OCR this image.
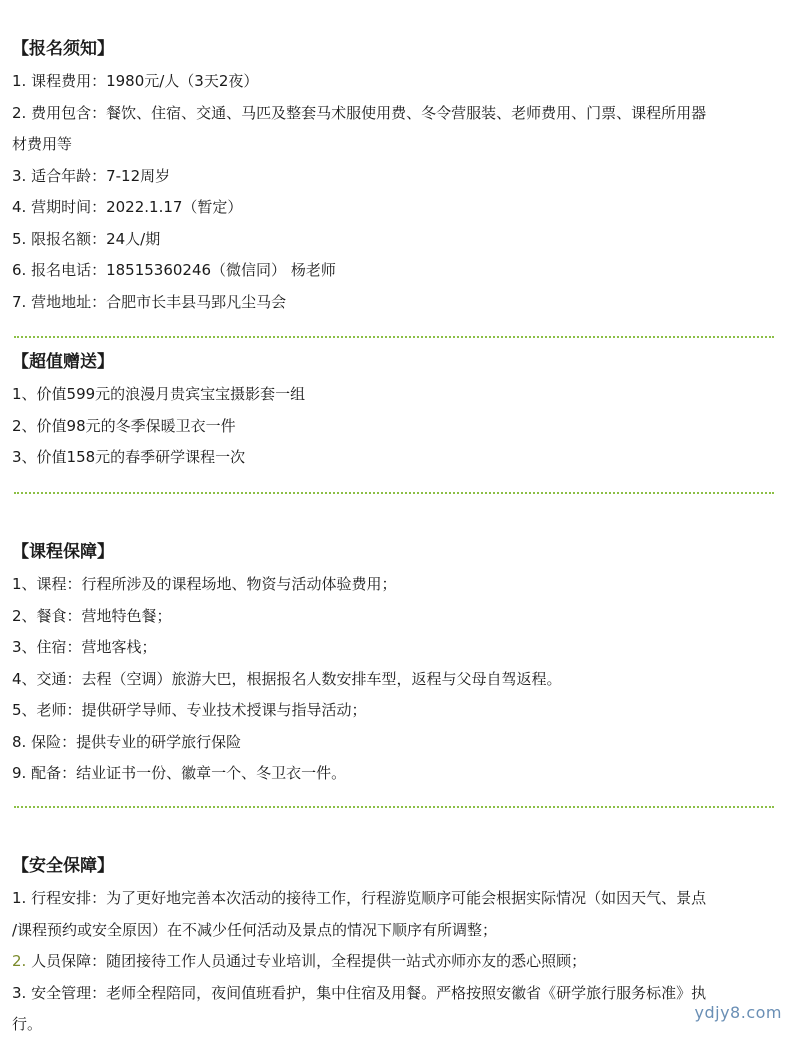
【报名须知】

1. 课程费用：1980元/人（3天2夜）

2. 费用包含：餐饮、住宿、交通、马匹及整套马术服使用费、冬令营服装、老师费用、门票、课程所用器

材费用等

3. 适合年龄：7-12周岁

4. 营期时间：2022.1.17（暂定）

5. 限报名额：24人/期

6. 报名电话：18515360246（微信同） 杨老师

7. 营地地址：合肥市长丰县马郢凡尘马会

【超值赠送】

1、价值599元的浪漫月贵宾宝宝摄影套一组

2、价值98元的冬季保暖卫衣一件

3、价值158元的春季研学课程一次

【课程保障】

1、课程：行程所涉及的课程场地、物资与活动体验费用；

2、餐食：营地特色餐；

3、住宿：营地客栈；

4、交通：去程（空调）旅游大巴，根据报名人数安排车型，返程与父母自驾返程。

5、老师：提供研学导师、专业技术授课与指导活动；

8. 保险：提供专业的研学旅行保险

9. 配备：结业证书一份、徽章一个、冬卫衣一件。

【安全保障】

1. 行程安排：为了更好地完善本次活动的接待工作，行程游览顺序可能会根据实际情况（如因天气、景点

/课程预约或安全原因）在不减少任何活动及景点的情况下顺序有所调整；

2. 人员保障：随团接待工作人员通过专业培训，全程提供一站式亦师亦友的悉心照顾；

3. 安全管理：老师全程陪同，夜间值班看护，集中住宿及用餐。严格按照安徽省《研学旅行服务标准》执

行。

ydjy8.com
